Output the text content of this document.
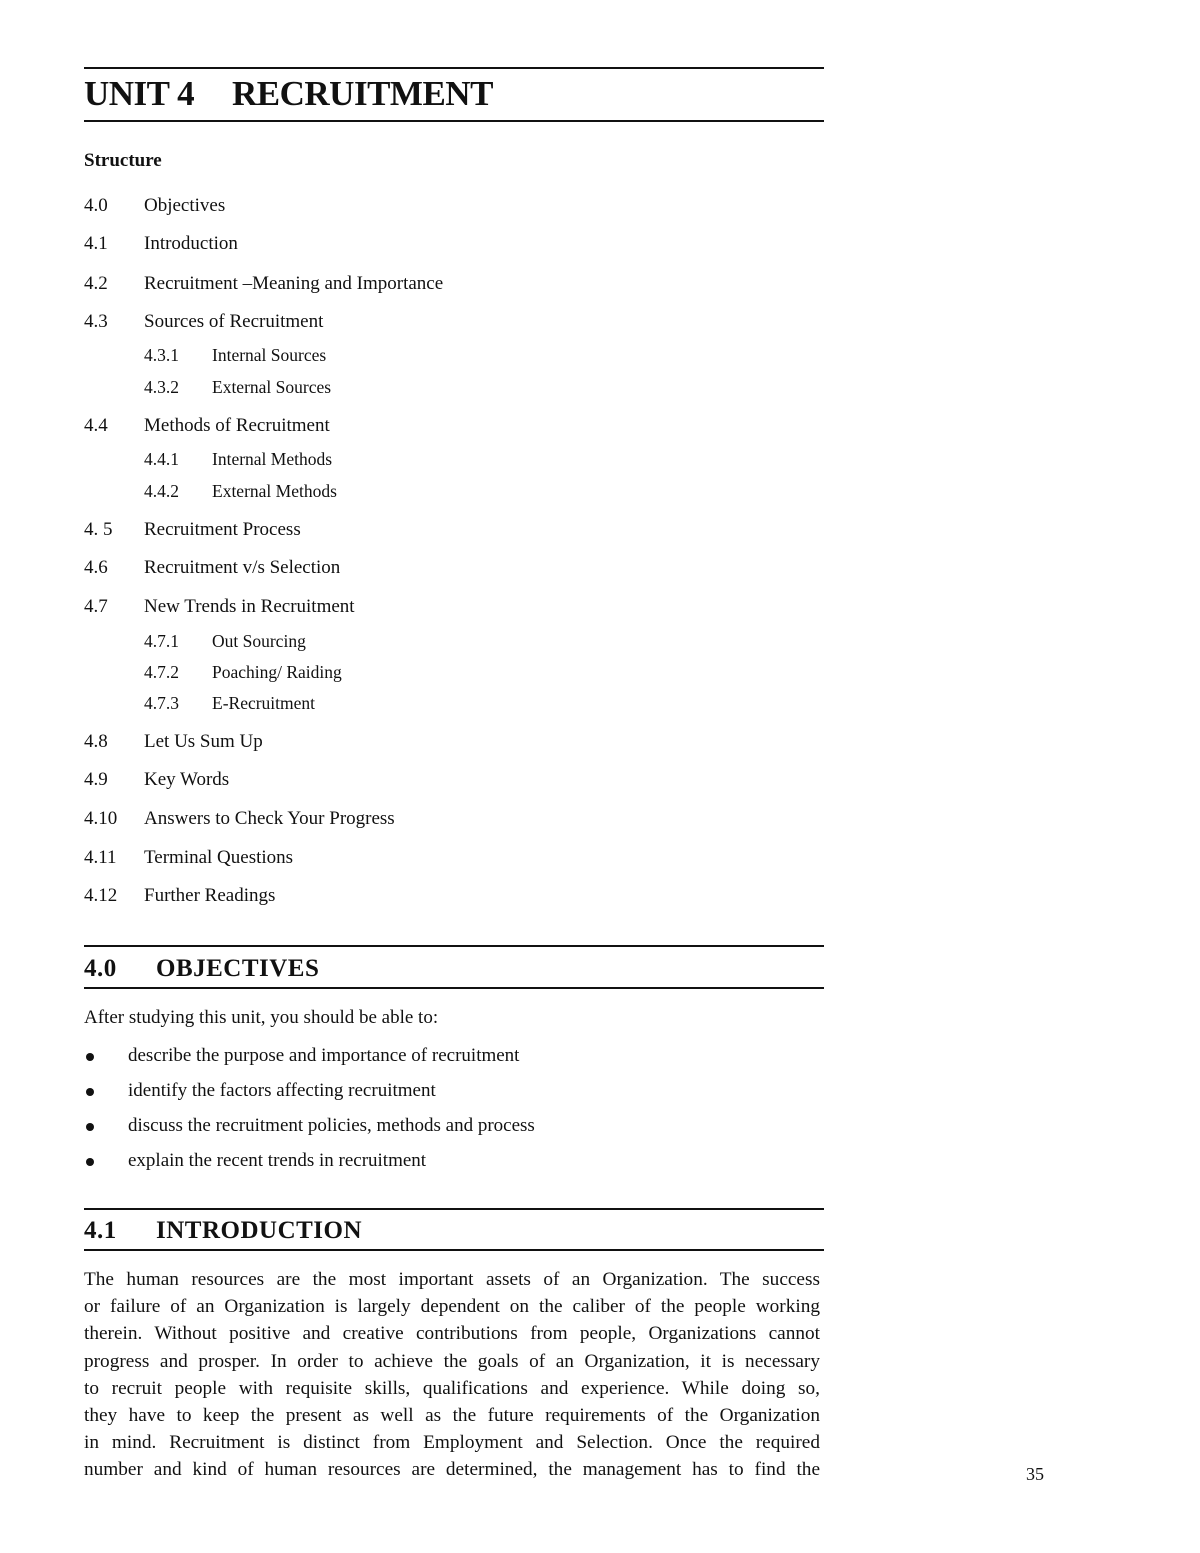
UNIT 4 RECRUITMENT
Structure
4.0 Objectives
4.1 Introduction
4.2 Recruitment –Meaning and Importance
4.3 Sources of Recruitment
4.3.1 Internal Sources
4.3.2 External Sources
4.4 Methods of Recruitment
4.4.1 Internal Methods
4.4.2 External Methods
4. 5 Recruitment Process
4.6 Recruitment v/s Selection
4.7 New Trends in Recruitment
4.7.1 Out Sourcing
4.7.2 Poaching/ Raiding
4.7.3 E-Recruitment
4.8 Let Us Sum Up
4.9 Key Words
4.10 Answers to Check Your Progress
4.11 Terminal Questions
4.12 Further Readings
4.0 OBJECTIVES
After studying this unit, you should be able to:
describe the purpose and importance of recruitment
identify the factors affecting recruitment
discuss the recruitment policies, methods and process
explain the recent trends in recruitment
4.1 INTRODUCTION
The human resources are the most important assets of an Organization. The success
or failure of an Organization is largely dependent on the caliber of the people working
therein. Without positive and creative contributions from people, Organizations cannot
progress and prosper. In order to achieve the goals of an Organization, it is necessary
to recruit people with requisite skills, qualifications and experience. While doing so,
they have to keep the present as well as the future requirements of the Organization
in mind. Recruitment is distinct from Employment and Selection. Once the required
number and kind of human resources are determined, the management has to find the	35
